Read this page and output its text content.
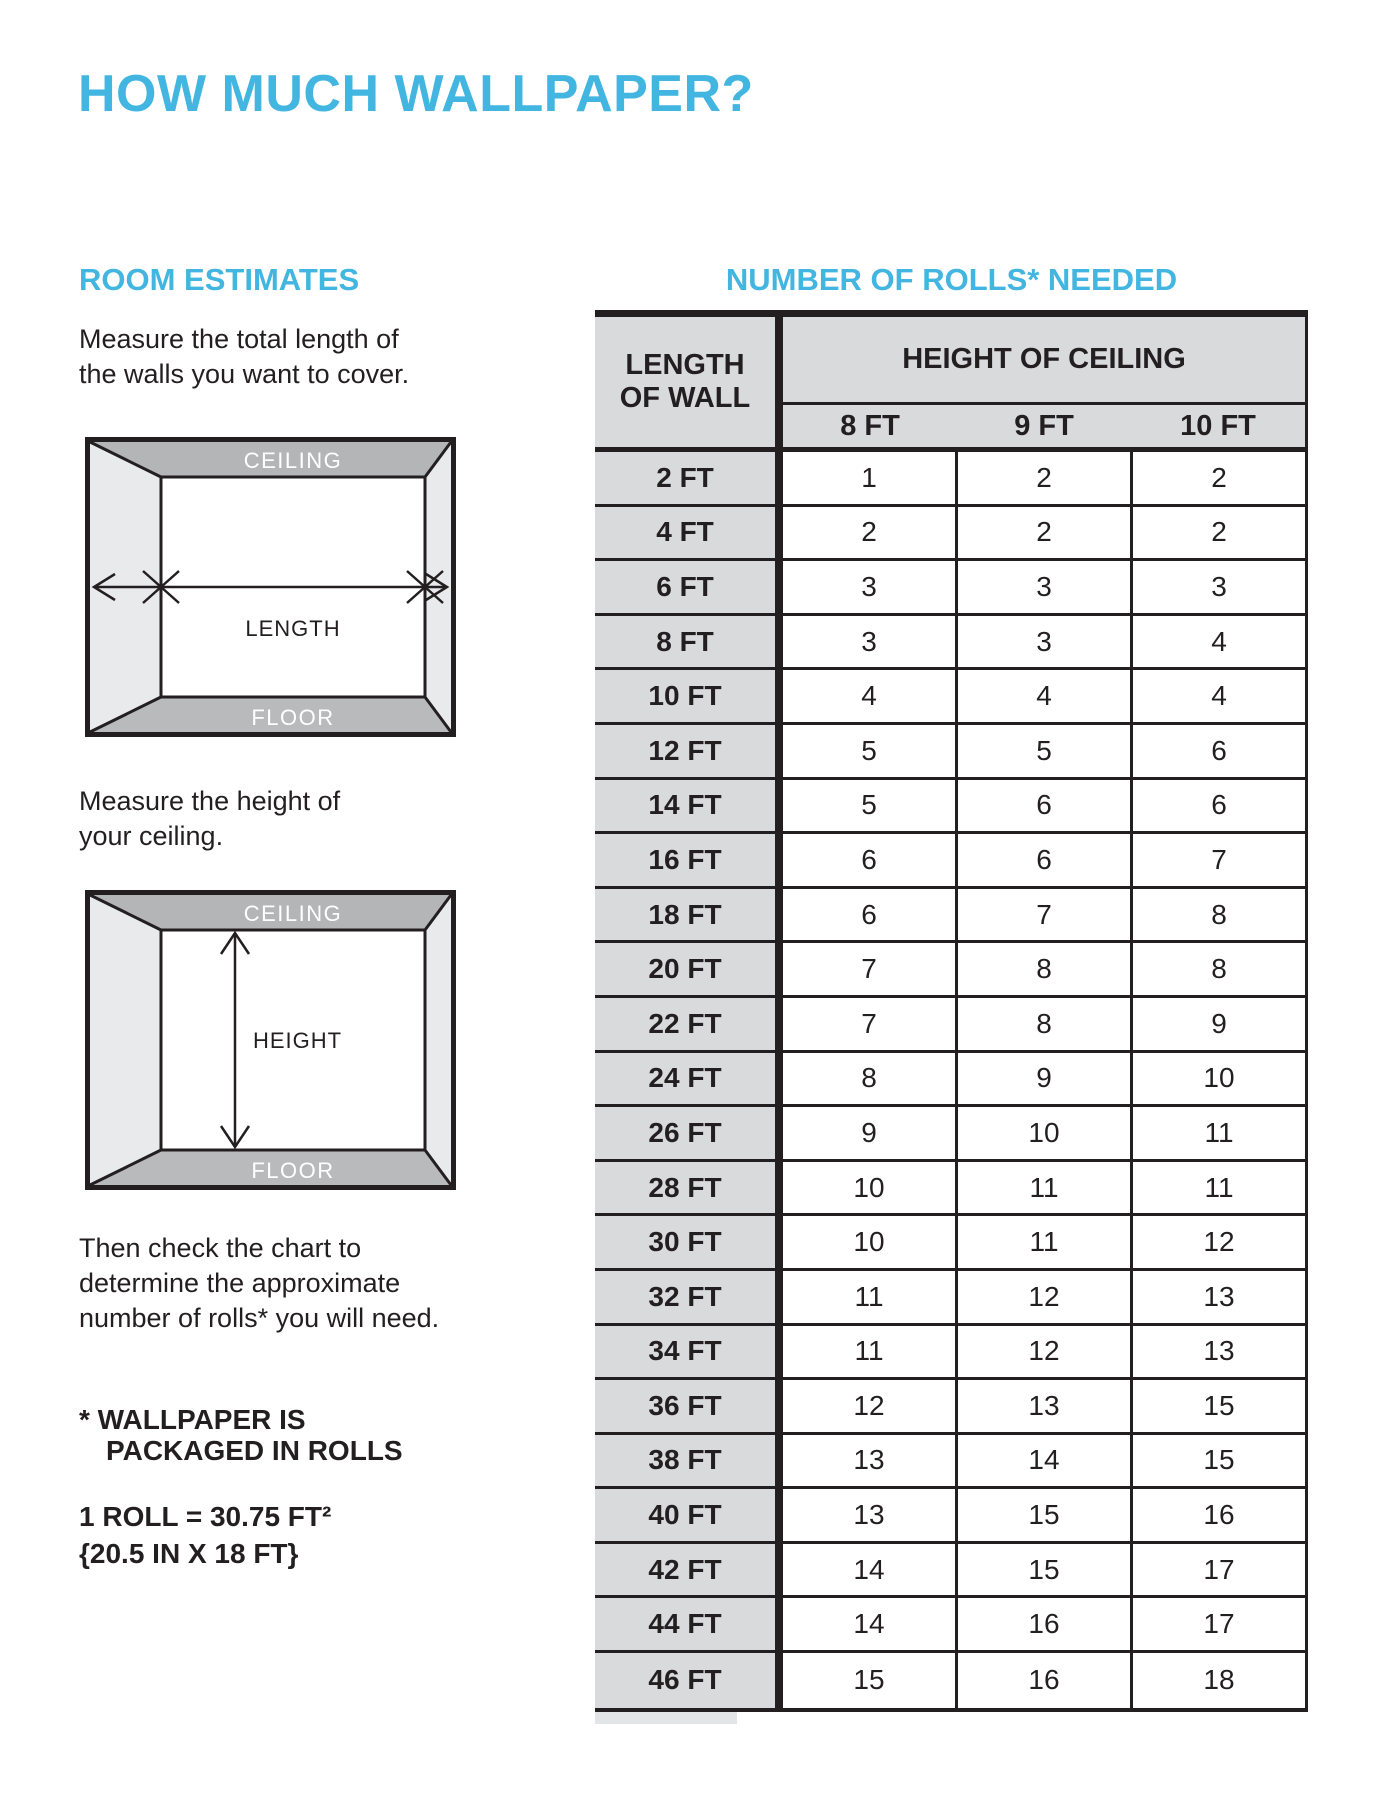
HOW MUCH WALLPAPER?
ROOM ESTIMATES	NUMBER OF ROLLS* NEEDED

Measure the total length of
the walls you want to cover.

CEILING
FLOOR
LENGTH

Measure the height of
your ceiling.

CEILING
FLOOR
HEIGHT

Then check the chart to
determine the approximate
number of rolls* you will need.

* WALLPAPER IS
PACKAGED IN ROLLS

1 ROLL = 30.75 FT²
{20.5 IN X 18 FT}

LENGTH
OF WALL
HEIGHT OF CEILING
8 FT	9 FT	10 FT
2 FT	1	2	2
4 FT	2	2	2
6 FT	3	3	3
8 FT	3	3	4
10 FT	4	4	4
12 FT	5	5	6
14 FT	5	6	6
16 FT	6	6	7
18 FT	6	7	8
20 FT	7	8	8
22 FT	7	8	9
24 FT	8	9	10
26 FT	9	10	11
28 FT	10	11	11
30 FT	10	11	12
32 FT	11	12	13
34 FT	11	12	13
36 FT	12	13	15
38 FT	13	14	15
40 FT	13	15	16
42 FT	14	15	17
44 FT	14	16	17
46 FT	15	16	18
